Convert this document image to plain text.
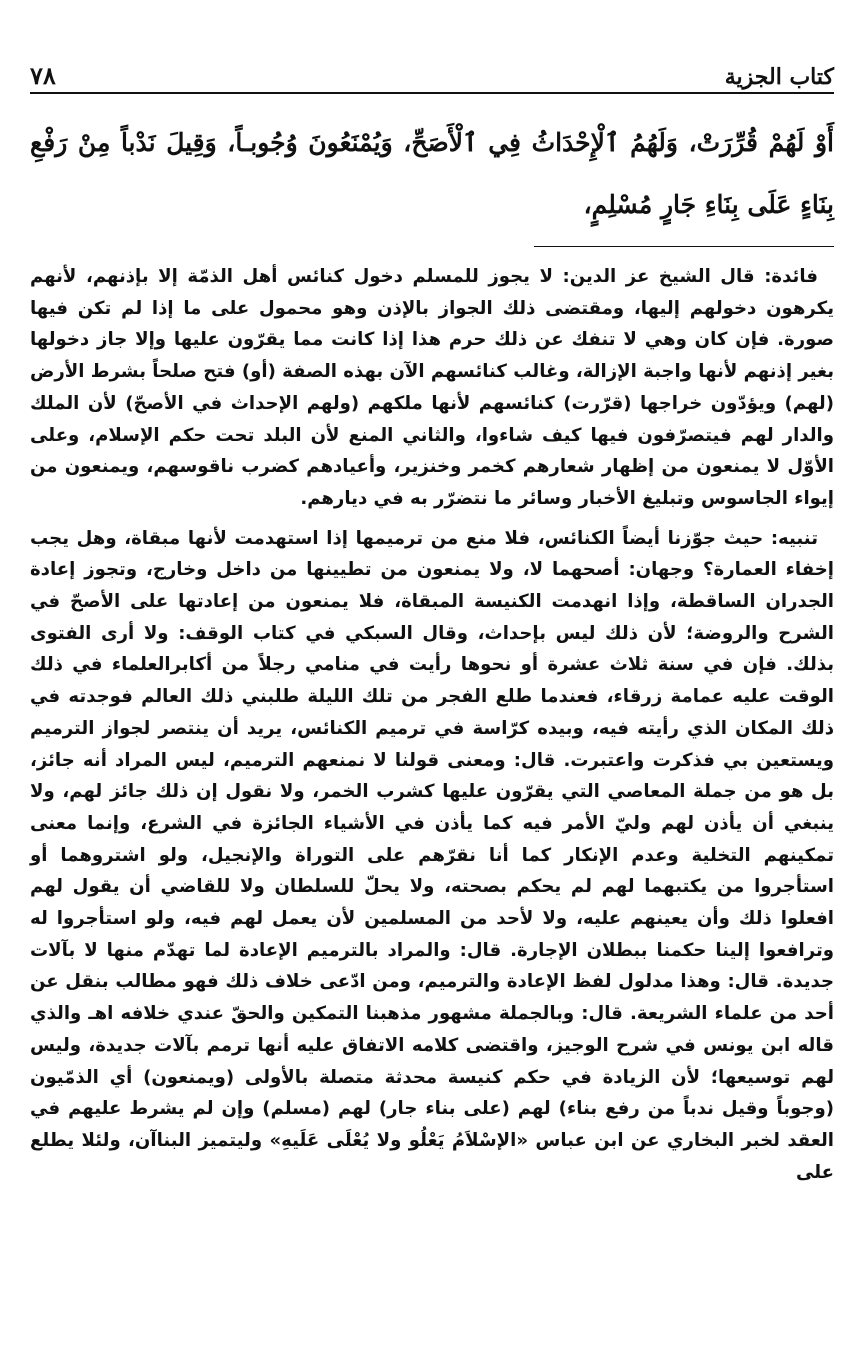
كتاب الجزية
٧٨
أَوْ لَهُمْ قُرِّرَتْ، وَلَهُمُ ٱلْإِحْدَاثُ فِي ٱلْأَصَحِّ، وَيُمْنَعُونَ وُجُوبـاً، وَقِيلَ نَدْباً مِنْ رَفْعِ بِنَاءٍ عَلَى بِنَاءِ جَارٍ مُسْلِمٍ،

فائدة: قال الشيخ عز الدين: لا يجوز للمسلم دخول كنائس أهل الذمّة إلا بإذنهم، لأنهم يكرهون دخولهم إليها، ومقتضى ذلك الجواز بالإذن وهو محمول على ما إذا لم تكن فيها صورة. فإن كان وهي لا تنفك عن ذلك حرم هذا إذا كانت مما يقرّون عليها وإلا جاز دخولها بغير إذنهم لأنها واجبة الإزالة، وغالب كنائسهم الآن بهذه الصفة (أو) فتح صلحاً بشرط الأرض (لهم) ويؤدّون خراجها (قرّرت) كنائسهم لأنها ملكهم (ولهم الإحداث في الأصحّ) لأن الملك والدار لهم فيتصرّفون فيها كيف شاءوا، والثاني المنع لأن البلد تحت حكم الإسلام، وعلى الأوّل لا يمنعون من إظهار شعارهم كخمر وخنزير، وأعيادهم كضرب ناقوسهم، ويمنعون من إيواء الجاسوس وتبليغ الأخبار وسائر ما نتضرّر به في ديارهم.

تنبيه: حيث جوّزنا أيضاً الكنائس، فلا منع من ترميمها إذا استهدمت لأنها مبقاة، وهل يجب إخفاء العمارة؟ وجهان: أصحهما لا، ولا يمنعون من تطيينها من داخل وخارج، وتجوز إعادة الجدران الساقطة، وإذا انهدمت الكنيسة المبقاة، فلا يمنعون من إعادتها على الأصحّ في الشرح والروضة؛ لأن ذلك ليس بإحداث، وقال السبكي في كتاب الوقف: ولا أرى الفتوى بذلك. فإن في سنة ثلاث عشرة أو نحوها رأيت في منامي رجلاً من أكابرالعلماء في ذلك الوقت عليه عمامة زرقاء، فعندما طلع الفجر من تلك الليلة طلبني ذلك العالم فوجدته في ذلك المكان الذي رأيته فيه، وبيده كرّاسة في ترميم الكنائس، يريد أن ينتصر لجواز الترميم ويستعين بي فذكرت واعتبرت. قال: ومعنى قولنا لا نمنعهم الترميم، ليس المراد أنه جائز، بل هو من جملة المعاصي التي يقرّون عليها كشرب الخمر، ولا نقول إن ذلك جائز لهم، ولا ينبغي أن يأذن لهم وليّ الأمر فيه كما يأذن في الأشياء الجائزة في الشرع، وإنما معنى تمكينهم التخلية وعدم الإنكار كما أنا نقرّهم على التوراة والإنجيل، ولو اشتروهما أو استأجروا من يكتبهما لهم لم يحكم بصحته، ولا يحلّ للسلطان ولا للقاضي أن يقول لهم افعلوا ذلك وأن يعينهم عليه، ولا لأحد من المسلمين لأن يعمل لهم فيه، ولو استأجروا له وترافعوا إلينا حكمنا ببطلان الإجارة. قال: والمراد بالترميم الإعادة لما تهدّم منها لا بآلات جديدة. قال: وهذا مدلول لفظ الإعادة والترميم، ومن ادّعى خلاف ذلك فهو مطالب بنقل عن أحد من علماء الشريعة. قال: وبالجملة مشهور مذهبنا التمكين والحقّ عندي خلافه اهـ والذي قاله ابن يونس في شرح الوجيز، واقتضى كلامه الاتفاق عليه أنها ترمم بآلات جديدة، وليس لهم توسيعها؛ لأن الزيادة في حكم كنيسة محدثة متصلة بالأولى (ويمنعون) أي الذمّيون (وجوباً وقيل ندباً من رفع بناء) لهم (على بناء جار) لهم (مسلم) وإن لم يشرط عليهم في العقد لخبر البخاري عن ابن عباس «الإسْلاَمُ يَعْلُو ولا يُعْلَى عَلَيهِ» وليتميز البناآن، ولئلا يطلع على
